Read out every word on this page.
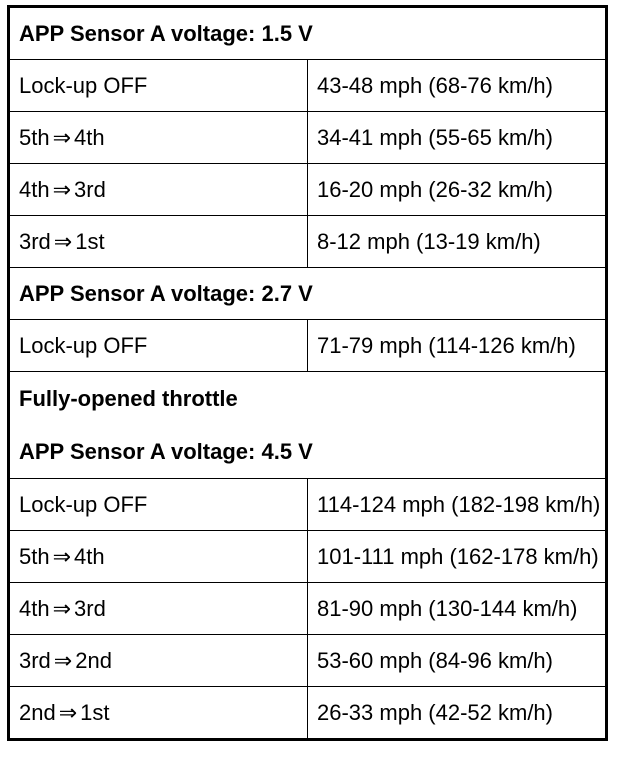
APP Sensor A voltage: 1.5 V	
Lock-up OFF	43-48 mph (68-76 km/h)
5th ⇒ 4th	34-41 mph (55-65 km/h)
4th ⇒ 3rd	16-20 mph (26-32 km/h)
3rd ⇒ 1st	8-12 mph (13-19 km/h)
APP Sensor A voltage: 2.7 V	
Lock-up OFF	71-79 mph (114-126 km/h)

Fully-opened throttle
APP Sensor A voltage: 4.5 V	

Lock-up OFF	114-124 mph (182-198 km/h)
5th ⇒ 4th	101-111 mph (162-178 km/h)
4th ⇒ 3rd	81-90 mph (130-144 km/h)
3rd ⇒ 2nd	53-60 mph (84-96 km/h)
2nd ⇒ 1st	26-33 mph (42-52 km/h)
